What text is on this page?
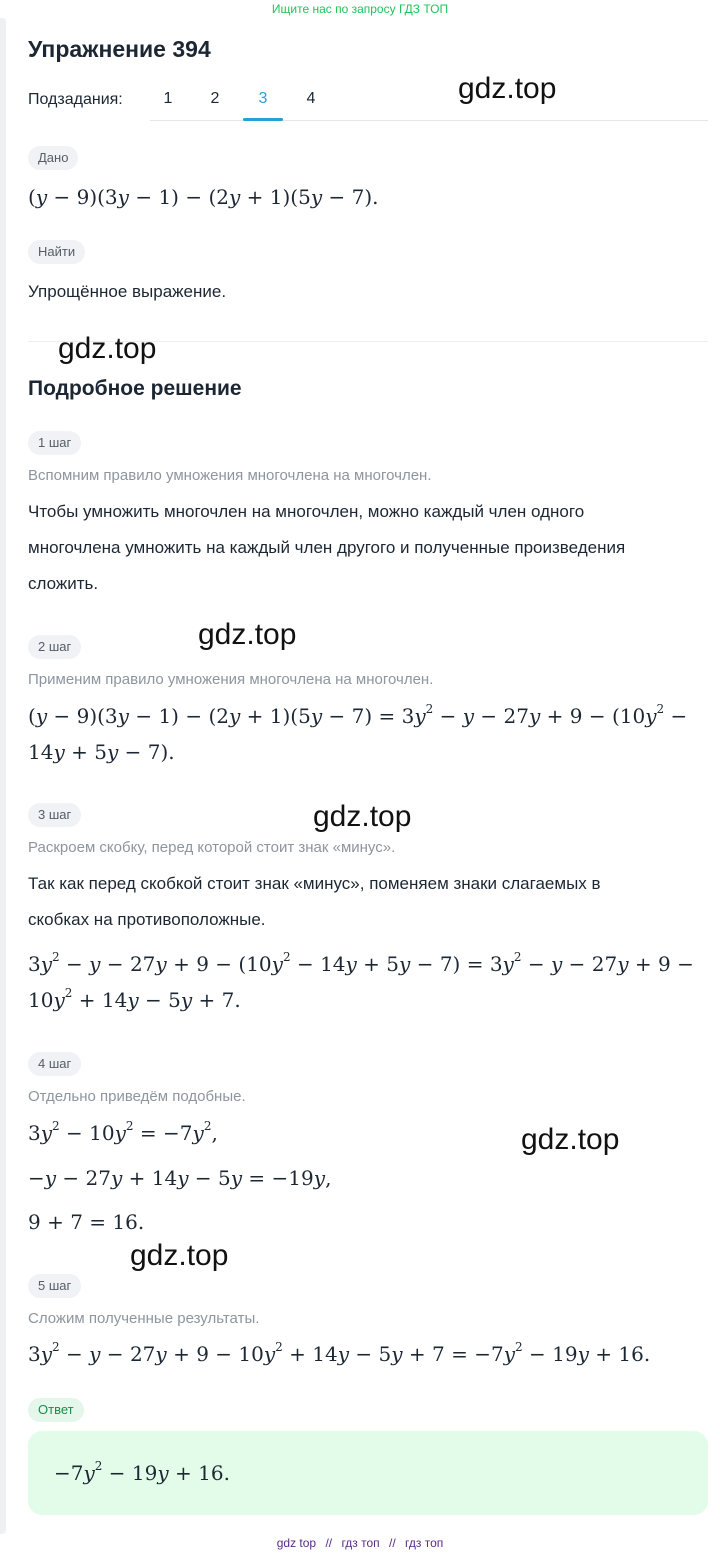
Ищите нас по запросу ГДЗ ТОП
Упражнение 394
Подзадания:	1	2	3	4	gdz.top
Дано
(y − 9)(3y − 1) − (2y + 1)(5y − 7).
Найти
Упрощённое выражение.
gdz.top
Подробное решение
1 шаг
Вспомним правило умножения многочлена на многочлен.
Чтобы умножить многочлен на многочлен, можно каждый член одного
многочлена умножить на каждый член другого и полученные произведения
сложить.
gdz.top
2 шаг
Применим правило умножения многочлена на многочлен.
$(y - 9)(3y - 1) - (2y + 1)(5y - 7) = 3y^2 - y - 27y + 9 - (10y^2$ −
14y + 5y − 7).
3 шаг	gdz.top
Раскроем скобку, перед которой стоит знак «минус».
Так как перед скобкой стоит знак «минус», поменяем знаки слагаемых в
скобках на противоположные.
$3y^2 - y - 27y + 9 - (10y^2 - 14y + 5y - 7) = 3y^2 - y - 27y + 9$ −
$10y^2 + 14y - 5y + 7$.
4 шаг
Отдельно приведём подобные.
$3y^2 - 10y^2 = -7y^2$,	gdz.top
−y − 27y + 14y − 5y = −19y,
9 + 7 = 16.
gdz.top
5 шаг
Сложим полученные результаты.
$3y^2 - y - 27y + 9 - 10y^2 + 14y - 5y + 7 = -7y^2 - 19y + 16$.
Ответ
$-7y^2 - 19y + 16$.
gdz top // гдз топ // гдз топ
